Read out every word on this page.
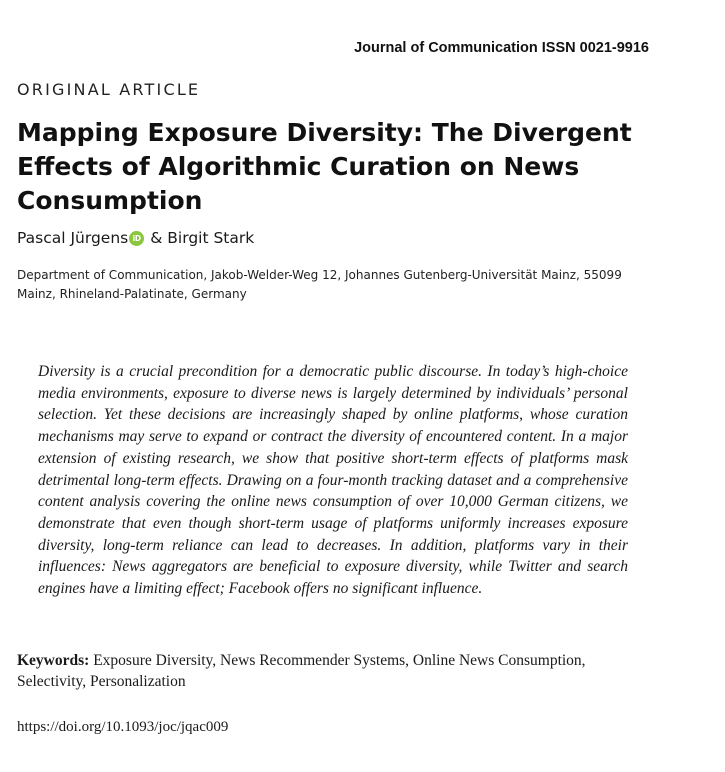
Journal of Communication ISSN 0021-9916
ORIGINAL ARTICLE
Mapping Exposure Diversity: The Divergent Effects of Algorithmic Curation on News Consumption
Pascal Jürgens iD &
Birgit Stark
Department of Communication, Jakob-Welder-Weg 12, Johannes Gutenberg-Universität Mainz, 55099 Mainz, Rhineland-Palatinate, Germany

Diversity is a crucial precondition for a democratic public discourse. In today’s high-choice media environments, exposure to diverse news is largely determined by individuals’ personal selection. Yet these decisions are increasingly shaped by online platforms, whose curation mechanisms may serve to expand or contract the diversity of encountered content. In a major extension of existing research, we show that positive short-term effects of platforms mask detrimental long-term effects. Drawing on a four-month tracking dataset and a comprehensive content analysis covering the online news consumption of over 10,000 German citizens, we demonstrate that even though short-term usage of platforms uniformly increases exposure diversity, long-term reliance can lead to decreases. In addition, platforms vary in their influences: News aggregators are beneficial to exposure diversity, while Twitter and search engines have a limiting effect; Facebook offers no significant influence.

Keywords: Exposure Diversity, News Recommender Systems, Online News Consumption, Selectivity, Personalization
https://doi.org/10.1093/joc/jqac009
